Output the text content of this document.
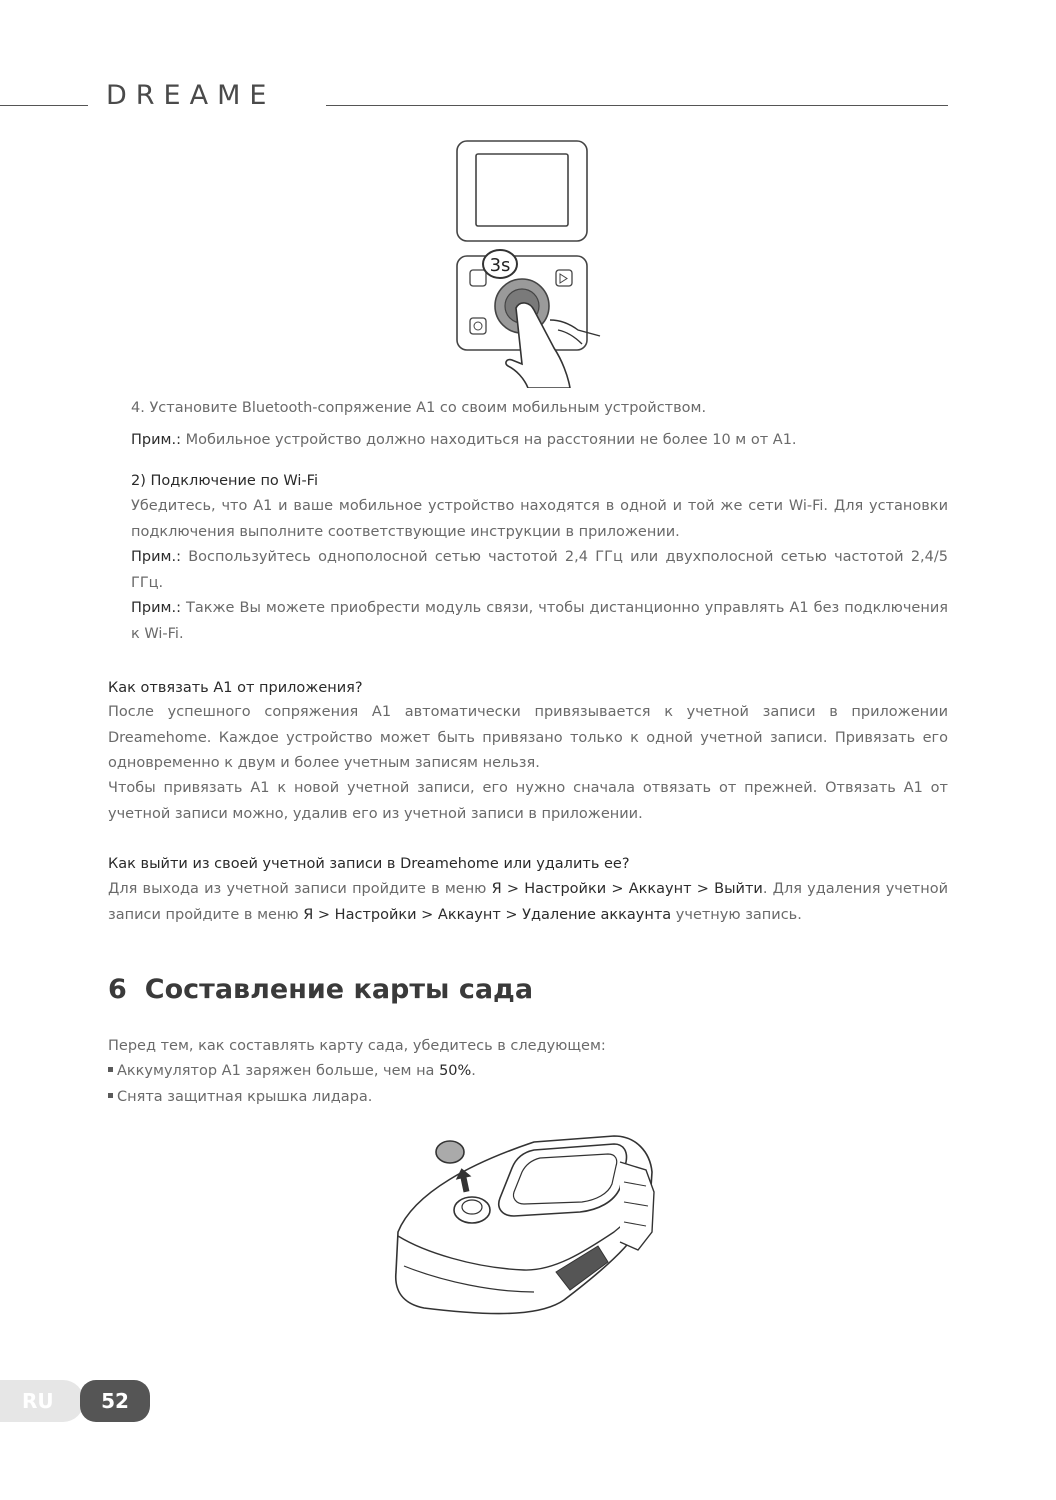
DREAME
3s
4. Установите Bluetooth-сопряжение A1 со своим мобильным устройством.
Прим.: Мобильное устройство должно находиться на расстоянии не более 10 м от A1.
2) Подключение по Wi-Fi
Убедитесь, что A1 и ваше мобильное устройство находятся в одной и той же сети Wi-Fi. Для установки подключения выполните соответствующие инструкции в приложении.
Прим.: Воспользуйтесь однополосной сетью частотой 2,4 ГГц или двухполосной сетью частотой 2,4/5 ГГц.
Прим.: Также Вы можете приобрести модуль связи, чтобы дистанционно управлять A1 без подключения к Wi-Fi.
Как отвязать A1 от приложения?
После успешного сопряжения A1 автоматически привязывается к учетной записи в приложении Dreamehome. Каждое устройство может быть привязано только к одной учетной записи. Привязать его одновременно к двум и более учетным записям нельзя.
Чтобы привязать A1 к новой учетной записи, его нужно сначала отвязать от прежней. Отвязать A1 от учетной записи можно, удалив его из учетной записи в приложении.
Как выйти из своей учетной записи в Dreamehome или удалить ее?
Для выхода из учетной записи пройдите в меню Я > Настройки > Аккаунт > Выйти. Для удаления учетной записи пройдите в меню Я > Настройки > Аккаунт > Удаление аккаунта учетную запись.
6 Составление карты сада
Перед тем, как составлять карту сада, убедитесь в следующем:
Аккумулятор A1 заряжен больше, чем на 50%.
Снята защитная крышка лидара.
RU	52
